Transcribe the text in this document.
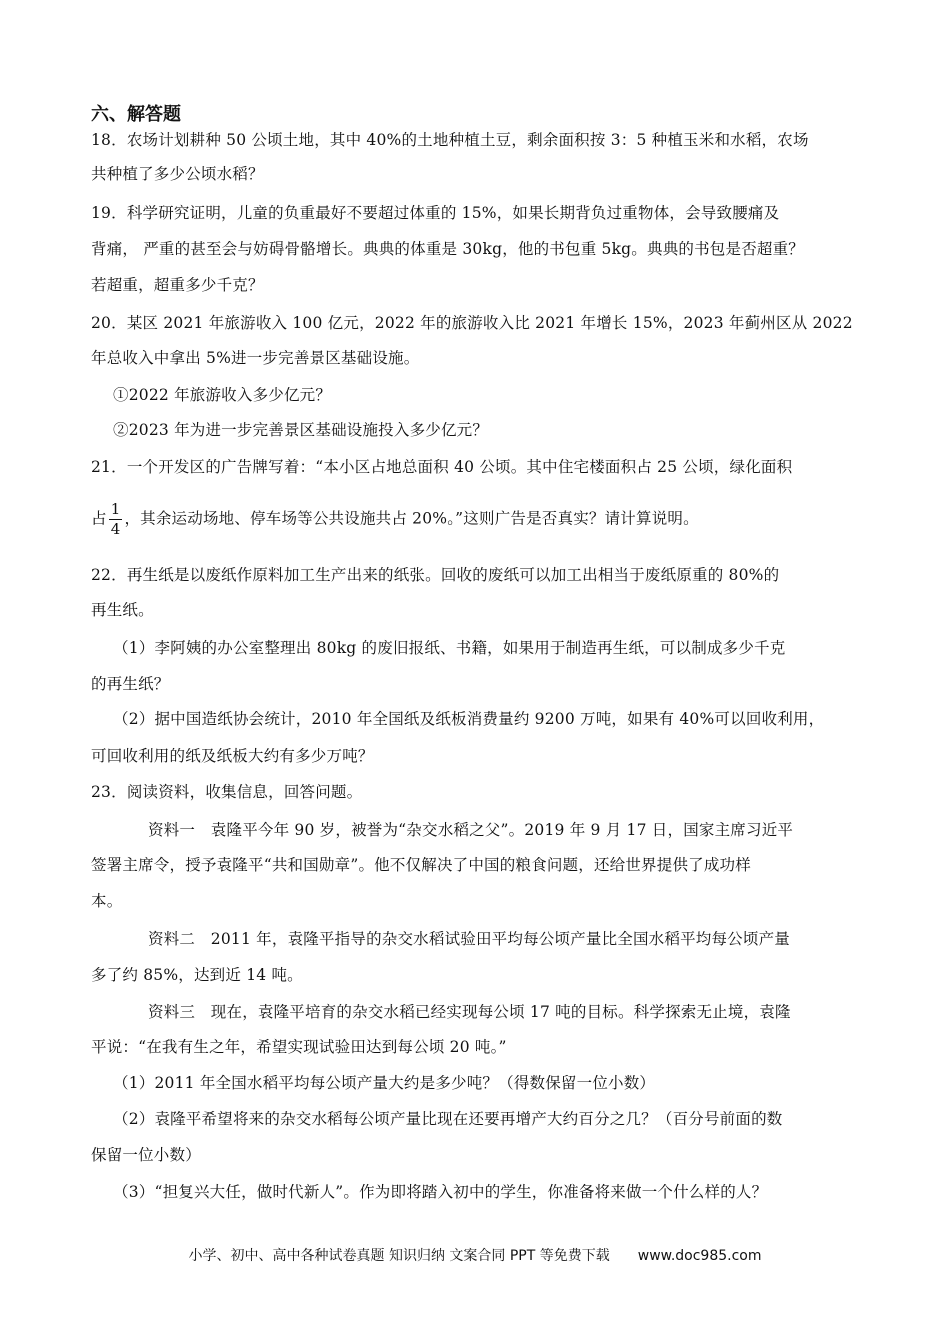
六、解答题
18．农场计划耕种 50 公顷土地，其中 40%的土地种植土豆，剩余面积按 3：5 种植玉米和水稻，农场
共种植了多少公顷水稻？
19．科学研究证明，儿童的负重最好不要超过体重的 15%，如果长期背负过重物体，会导致腰痛及
背痛， 严重的甚至会与妨碍骨骼增长。典典的体重是 30kg，他的书包重 5kg。典典的书包是否超重？
若超重，超重多少千克？
20．某区 2021 年旅游收入 100 亿元，2022 年的旅游收入比 2021 年增长 15%，2023 年蓟州区从 2022
年总收入中拿出 5%进一步完善景区基础设施。
①2022 年旅游收入多少亿元？
②2023 年为进一步完善景区基础设施投入多少亿元？
21．一个开发区的广告牌写着：“本小区占地总面积 40 公顷。其中住宅楼面积占 25 公顷，绿化面积
占 $\frac{1}{4}$ ，其余运动场地、停车场等公共设施共占 20%。”这则广告是否真实？请计算说明。
22．再生纸是以废纸作原料加工生产出来的纸张。回收的废纸可以加工出相当于废纸原重的 80%的
再生纸。
（1）李阿姨的办公室整理出 80kg 的废旧报纸、书籍，如果用于制造再生纸，可以制成多少千克
的再生纸？
（2）据中国造纸协会统计，2010 年全国纸及纸板消费量约 9200 万吨，如果有 40%可以回收利用，
可回收利用的纸及纸板大约有多少万吨？
23．阅读资料，收集信息，回答问题。
资料一　袁隆平今年 90 岁，被誉为“杂交水稻之父”。2019 年 9 月 17 日，国家主席习近平
签署主席令，授予袁隆平“共和国勋章”。他不仅解决了中国的粮食问题，还给世界提供了成功样
本。
资料二　2011 年，袁隆平指导的杂交水稻试验田平均每公顷产量比全国水稻平均每公顷产量
多了约 85%，达到近 14 吨。
资料三　现在，袁隆平培育的杂交水稻已经实现每公顷 17 吨的目标。科学探索无止境，袁隆
平说：“在我有生之年，希望实现试验田达到每公顷 20 吨。”
（1）2011 年全国水稻平均每公顷产量大约是多少吨？（得数保留一位小数）
（2）袁隆平希望将来的杂交水稻每公顷产量比现在还要再增产大约百分之几？（百分号前面的数
保留一位小数）
（3）“担复兴大任，做时代新人”。作为即将踏入初中的学生，你准备将来做一个什么样的人？
小学、初中、高中各种试卷真题 知识归纳 文案合同 PPT 等免费下载 www.doc985.com
